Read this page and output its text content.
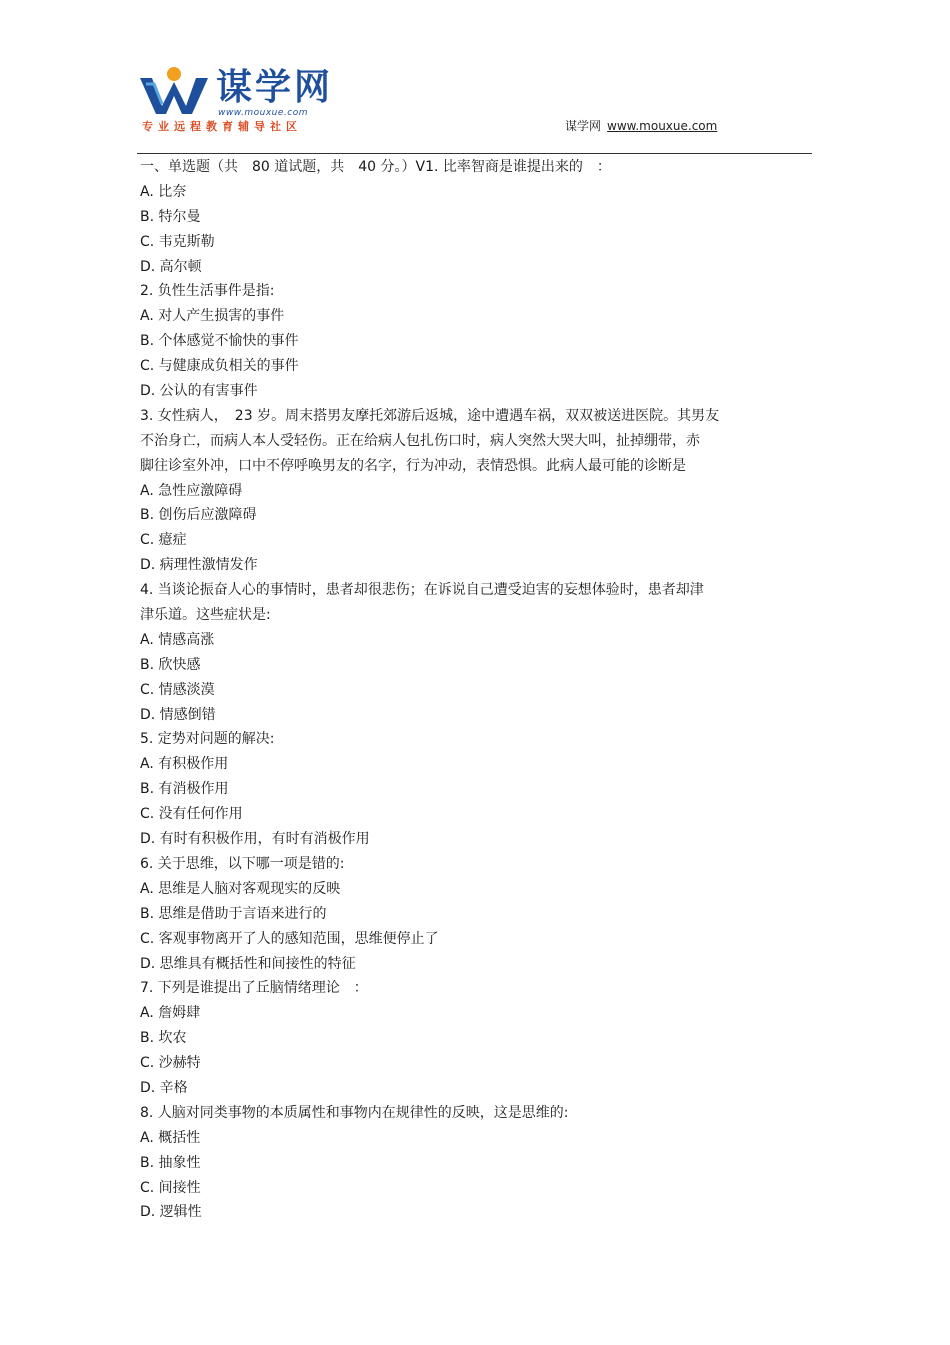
谋学网
www.mouxue.com
专业远程教育辅导社区	谋学网 www.mouxue.com
一、单选题（共　80 道试题，共　40 分。）V1. 比率智商是谁提出来的　：
A. 比奈
B. 特尔曼
C. 韦克斯勒
D. 高尔顿
2. 负性生活事件是指:
A. 对人产生损害的事件
B. 个体感觉不愉快的事件
C. 与健康成负相关的事件
D. 公认的有害事件
3. 女性病人，　23 岁。周末搭男友摩托郊游后返城，途中遭遇车祸，双双被送进医院。其男友
不治身亡，而病人本人受轻伤。正在给病人包扎伤口时，病人突然大哭大叫，扯掉绷带，赤
脚往诊室外冲，口中不停呼唤男友的名字，行为冲动，表情恐惧。此病人最可能的诊断是
A. 急性应激障碍
B. 创伤后应激障碍
C. 癔症
D. 病理性激情发作
4. 当谈论振奋人心的事情时，患者却很悲伤；在诉说自己遭受迫害的妄想体验时，患者却津
津乐道。这些症状是:
A. 情感高涨
B. 欣快感
C. 情感淡漠
D. 情感倒错
5. 定势对问题的解决:
A. 有积极作用
B. 有消极作用
C. 没有任何作用
D. 有时有积极作用，有时有消极作用
6. 关于思维，以下哪一项是错的:
A. 思维是人脑对客观现实的反映
B. 思维是借助于言语来进行的
C. 客观事物离开了人的感知范围，思维便停止了
D. 思维具有概括性和间接性的特征
7. 下列是谁提出了丘脑情绪理论　：
A. 詹姆肆
B. 坎农
C. 沙赫特
D. 辛格
8. 人脑对同类事物的本质属性和事物内在规律性的反映，这是思维的:
A. 概括性
B. 抽象性
C. 间接性
D. 逻辑性
